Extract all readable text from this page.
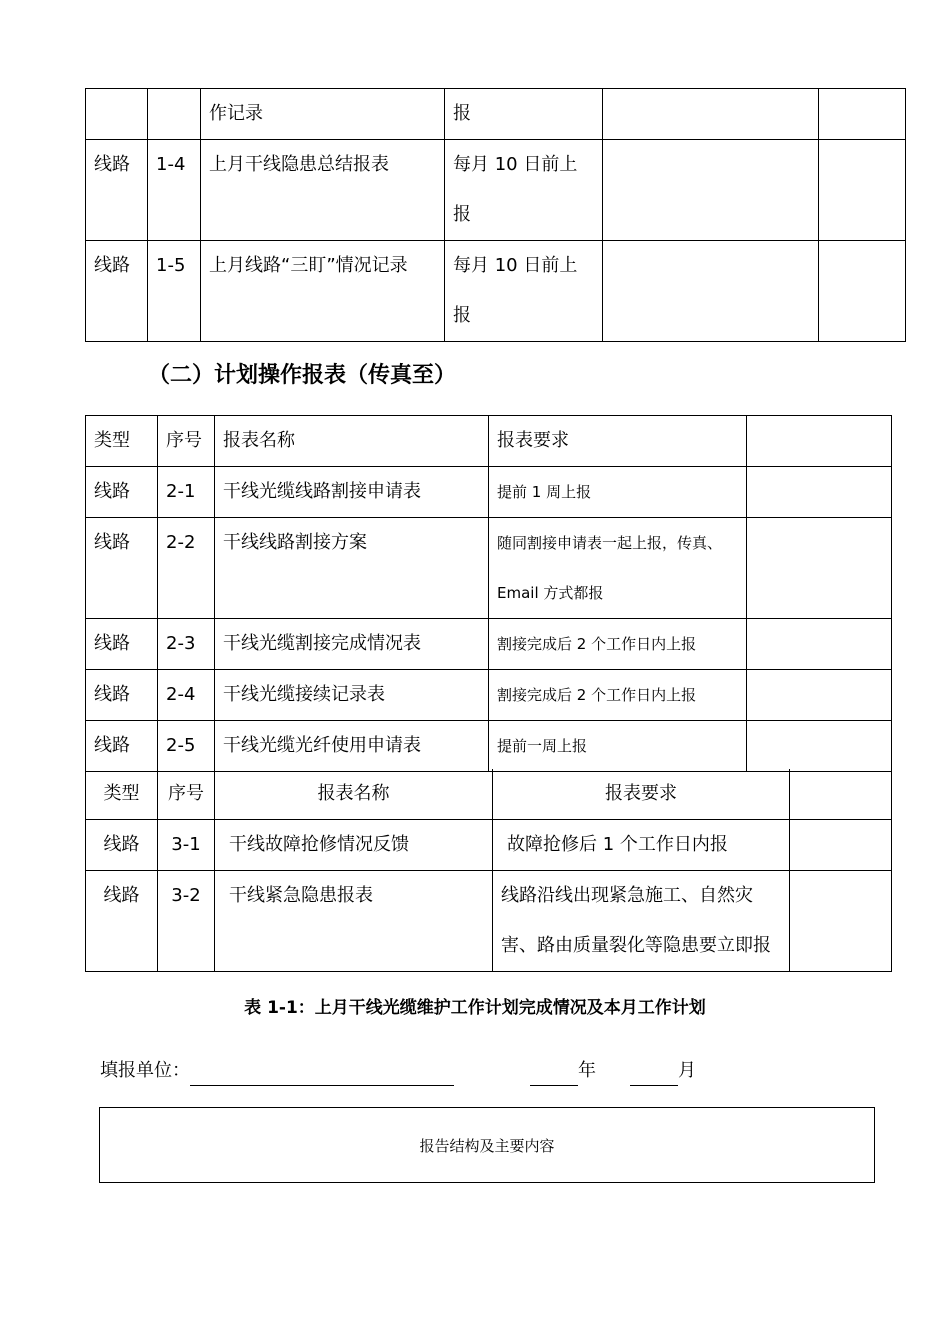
		作记录	报		
线路	1-4	上月干线隐患总结报表	每月 10 日前上报		
线路	1-5	上月线路“三盯”情况记录	每月 10 日前上报		
（二）计划操作报表（传真至）
类型	序号	报表名称	报表要求	
线路	2-1	干线光缆线路割接申请表	提前 1 周上报	
线路	2-2	干线线路割接方案	随同割接申请表一起上报，传真、Email 方式都报	
线路	2-3	干线光缆割接完成情况表	割接完成后 2 个工作日内上报	
线路	2-4	干线光缆接续记录表	割接完成后 2 个工作日内上报	
线路	2-5	干线光缆光纤使用申请表	提前一周上报	
类型	序号	报表名称	报表要求	
线路	3-1	干线故障抢修情况反馈	故障抢修后 1 个工作日内报	
线路	3-2	干线紧急隐患报表	线路沿线出现紧急施工、自然灾害、路由质量裂化等隐患要立即报	
表 1-1：上月干线光缆维护工作计划完成情况及本月工作计划
填报单位：	年	月
报告结构及主要内容
